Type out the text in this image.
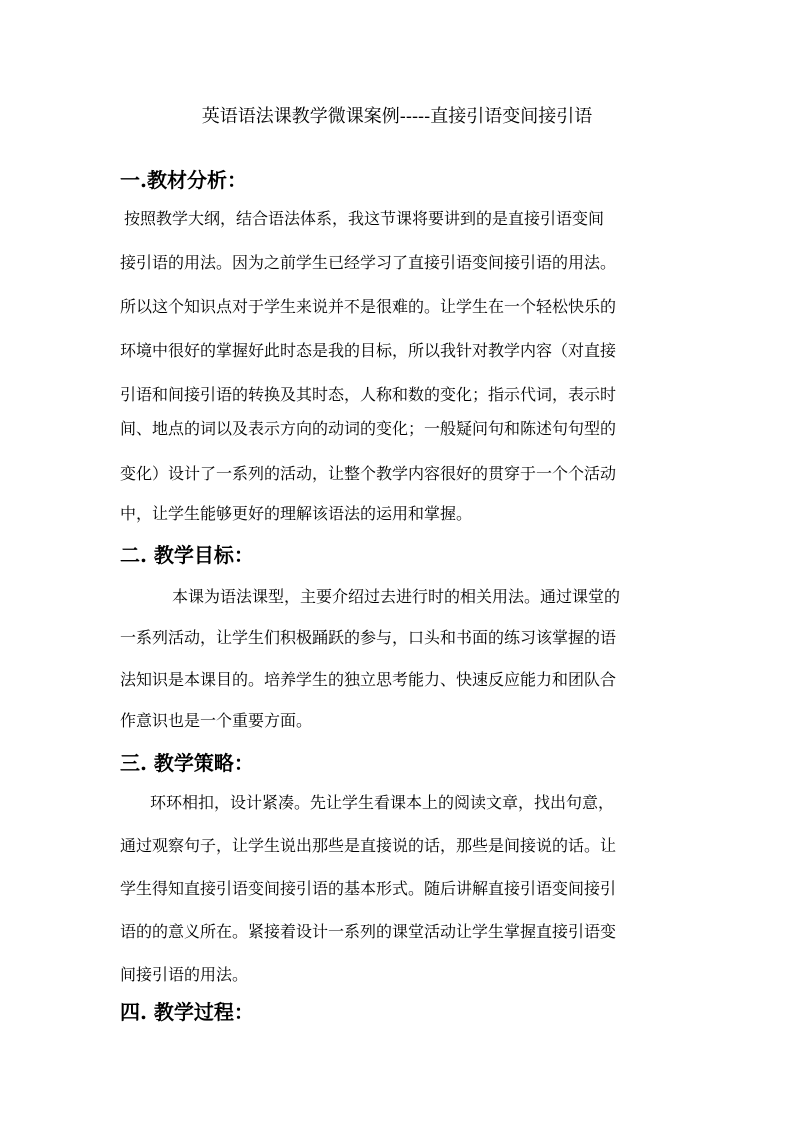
英语语法课教学微课案例-----直接引语变间接引语
一.教材分析：
按照教学大纲，结合语法体系，我这节课将要讲到的是直接引语变间
接引语的用法。因为之前学生已经学习了直接引语变间接引语的用法。
所以这个知识点对于学生来说并不是很难的。让学生在一个轻松快乐的
环境中很好的掌握好此时态是我的目标，所以我针对教学内容（对直接
引语和间接引语的转换及其时态，人称和数的变化；指示代词，表示时
间、地点的词以及表示方向的动词的变化；一般疑问句和陈述句句型的
变化）设计了一系列的活动，让整个教学内容很好的贯穿于一个个活动
中，让学生能够更好的理解该语法的运用和掌握。
二. 教学目标：
本课为语法课型，主要介绍过去进行时的相关用法。通过课堂的
一系列活动，让学生们积极踊跃的参与，口头和书面的练习该掌握的语
法知识是本课目的。培养学生的独立思考能力、快速反应能力和团队合
作意识也是一个重要方面。
三. 教学策略：
环环相扣，设计紧凑。先让学生看课本上的阅读文章，找出句意，
通过观察句子，让学生说出那些是直接说的话，那些是间接说的话。让
学生得知直接引语变间接引语的基本形式。随后讲解直接引语变间接引
语的的意义所在。紧接着设计一系列的课堂活动让学生掌握直接引语变
间接引语的用法。
四. 教学过程：
